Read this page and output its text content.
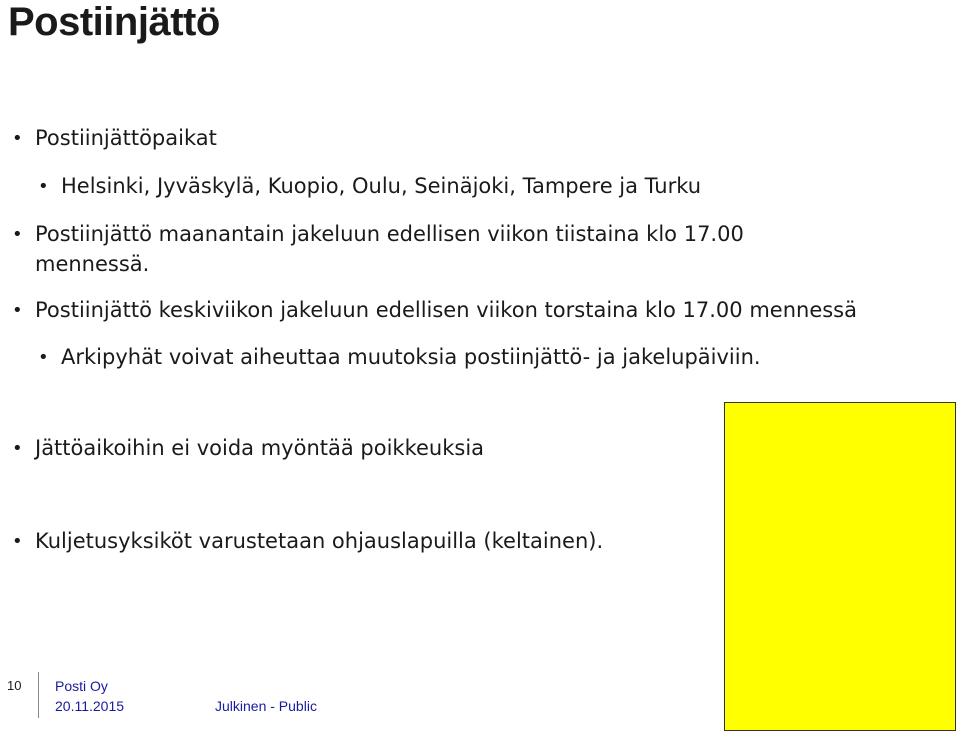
Postiinjättö
• Postiinjättöpaikat
• Helsinki, Jyväskylä, Kuopio, Oulu, Seinäjoki, Tampere ja Turku
• Postiinjättö maanantain jakeluun edellisen viikon tiistaina klo 17.00
mennessä.
• Postiinjättö keskiviikon jakeluun edellisen viikon torstaina klo 17.00 mennessä
• Arkipyhät voivat aiheuttaa muutoksia postiinjättö- ja jakelupäiviin.
• Jättöaikoihin ei voida myöntää poikkeuksia
• Kuljetusyksiköt varustetaan ohjauslapuilla (keltainen).
10 Posti Oy
20.11.2015	Julkinen - Public
